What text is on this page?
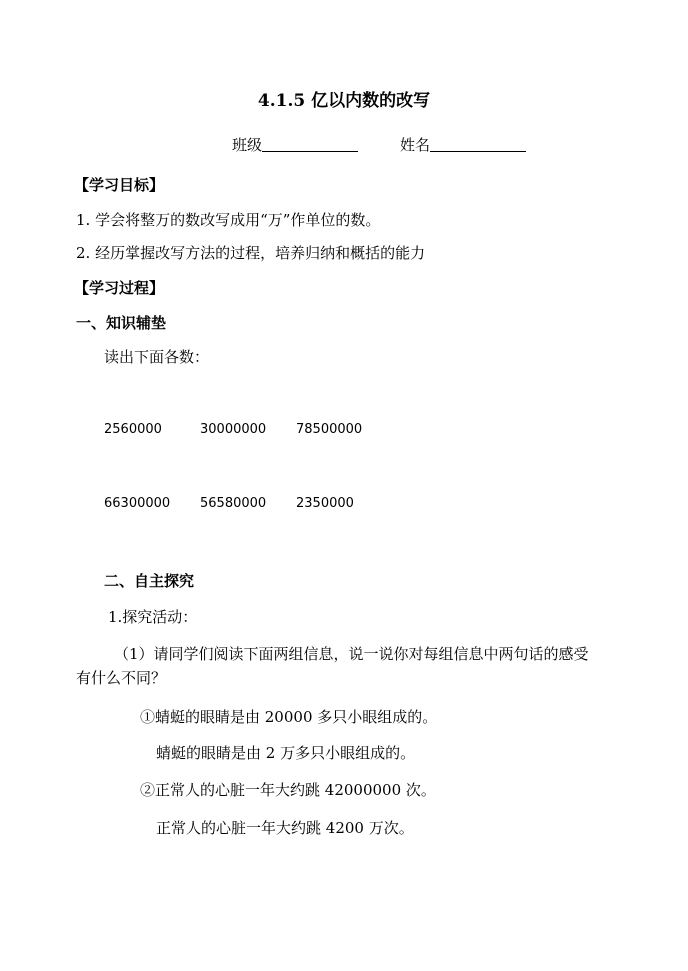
4.1.5 亿以内数的改写
班级	姓名
【学习目标】
1. 学会将整万的数改写成用“万”作单位的数。
2. 经历掌握改写方法的过程，培养归纳和概括的能力
【学习过程】
一、知识辅垫
读出下面各数：
2560000	30000000 78500000
66300000 56580000 2350000
二、自主探究
1.探究活动：
（1）请同学们阅读下面两组信息，说一说你对每组信息中两句话的感受
有什么不同？
①蜻蜓的眼睛是由 20000 多只小眼组成的。
蜻蜓的眼睛是由 2 万多只小眼组成的。
②正常人的心脏一年大约跳 42000000 次。
正常人的心脏一年大约跳 4200 万次。
